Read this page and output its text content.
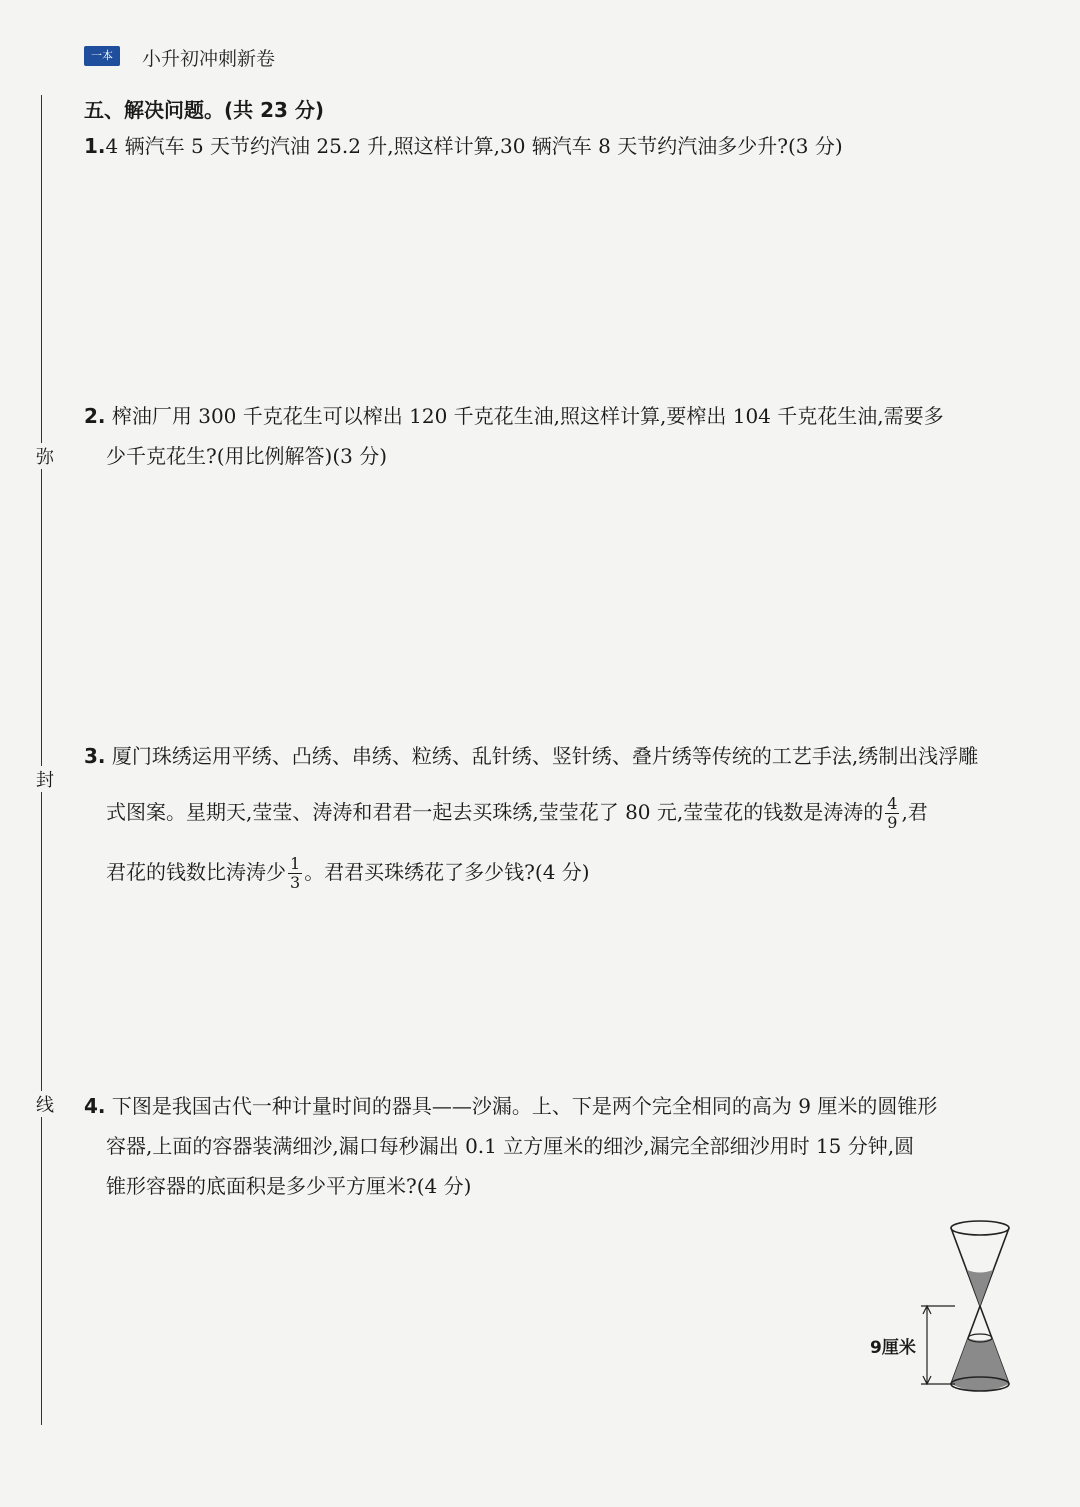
一本	小升初冲刺新卷
弥
封
线
五、解决问题。(共 23 分)
1.4 辆汽车 5 天节约汽油 25.2 升,照这样计算,30 辆汽车 8 天节约汽油多少升?(3 分)
2. 榨油厂用 300 千克花生可以榨出 120 千克花生油,照这样计算,要榨出 104 千克花生油,需要多
少千克花生?(用比例解答)(3 分)
3. 厦门珠绣运用平绣、凸绣、串绣、粒绣、乱针绣、竖针绣、叠片绣等传统的工艺手法,绣制出浅浮雕
式图案。星期天,莹莹、涛涛和君君一起去买珠绣,莹莹花了 80 元,莹莹花的钱数是涛涛的 $\frac{4}{9}$ ,君
君花的钱数比涛涛少 $\frac{1}{3}$ 。君君买珠绣花了多少钱?(4 分)
4. 下图是我国古代一种计量时间的器具——沙漏。上、下是两个完全相同的高为 9 厘米的圆锥形
容器,上面的容器装满细沙,漏口每秒漏出 0.1 立方厘米的细沙,漏完全部细沙用时 15 分钟,圆
锥形容器的底面积是多少平方厘米?(4 分)
9厘米
